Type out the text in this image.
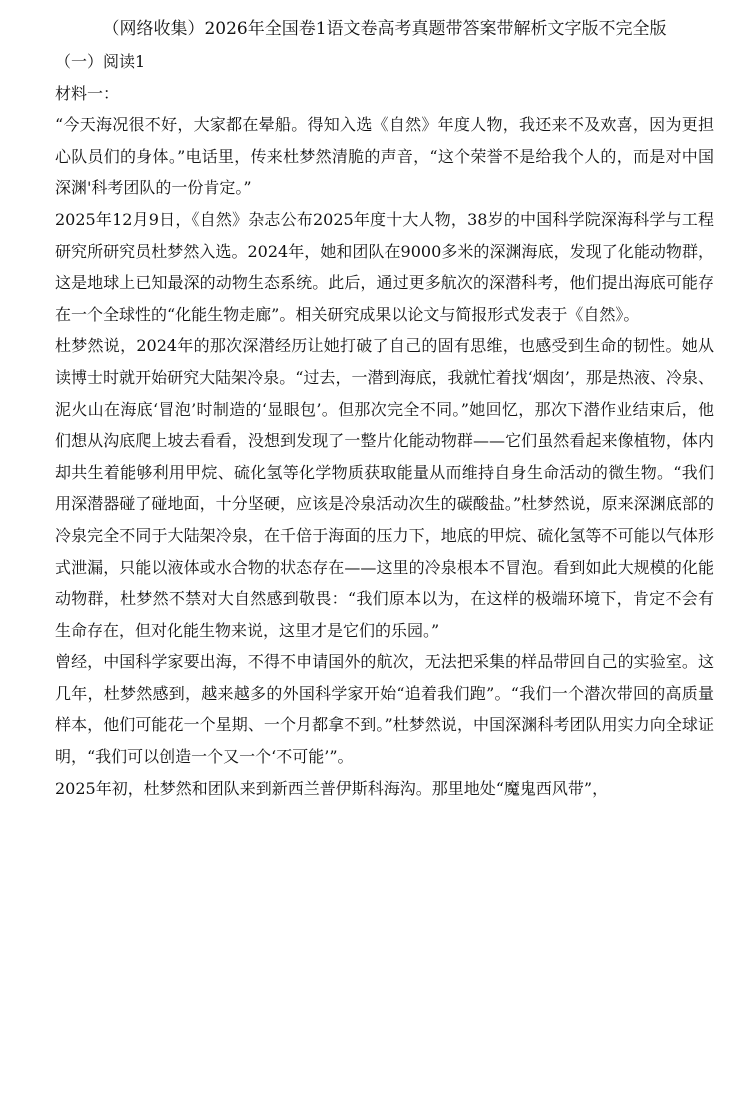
（网络收集）2026年全国卷1语文卷高考真题带答案带解析文字版不完全版

（一）阅读1

材料一：

“今天海况很不好，大家都在晕船。得知入选《自然》年度人物，我还来不及欢喜，因为更担心队员们的身体。”电话里，传来杜梦然清脆的声音，“这个荣誉不是给我个人的，而是对中国深渊'科考团队的一份肯定。”

2025年12月9日，《自然》杂志公布2025年度十大人物，38岁的中国科学院深海科学与工程研究所研究员杜梦然入选。2024年，她和团队在9000多米的深渊海底，发现了化能动物群，这是地球上已知最深的动物生态系统。此后，通过更多航次的深潜科考，他们提出海底可能存在一个全球性的“化能生物走廊”。相关研究成果以论文与简报形式发表于《自然》。

杜梦然说，2024年的那次深潜经历让她打破了自己的固有思维，也感受到生命的韧性。她从读博士时就开始研究大陆架冷泉。“过去，一潜到海底，我就忙着找‘烟囱’，那是热液、冷泉、泥火山在海底‘冒泡’时制造的‘显眼包’。但那次完全不同。”她回忆，那次下潜作业结束后，他们想从沟底爬上坡去看看，没想到发现了一整片化能动物群——它们虽然看起来像植物，体内却共生着能够利用甲烷、硫化氢等化学物质获取能量从而维持自身生命活动的微生物。“我们用深潜器碰了碰地面，十分坚硬，应该是冷泉活动次生的碳酸盐。”杜梦然说，原来深渊底部的冷泉完全不同于大陆架冷泉，在千倍于海面的压力下，地底的甲烷、硫化氢等不可能以气体形式泄漏，只能以液体或水合物的状态存在——这里的冷泉根本不冒泡。看到如此大规模的化能动物群，杜梦然不禁对大自然感到敬畏：“我们原本以为，在这样的极端环境下，肯定不会有生命存在，但对化能生物来说，这里才是它们的乐园。”

曾经，中国科学家要出海，不得不申请国外的航次，无法把采集的样品带回自己的实验室。这几年，杜梦然感到，越来越多的外国科学家开始“追着我们跑”。“我们一个潜次带回的高质量样本，他们可能花一个星期、一个月都拿不到。”杜梦然说，中国深渊科考团队用实力向全球证明，“我们可以创造一个又一个‘不可能’”。

2025年初，杜梦然和团队来到新西兰普伊斯科海沟。那里地处“魔鬼西风带”，
